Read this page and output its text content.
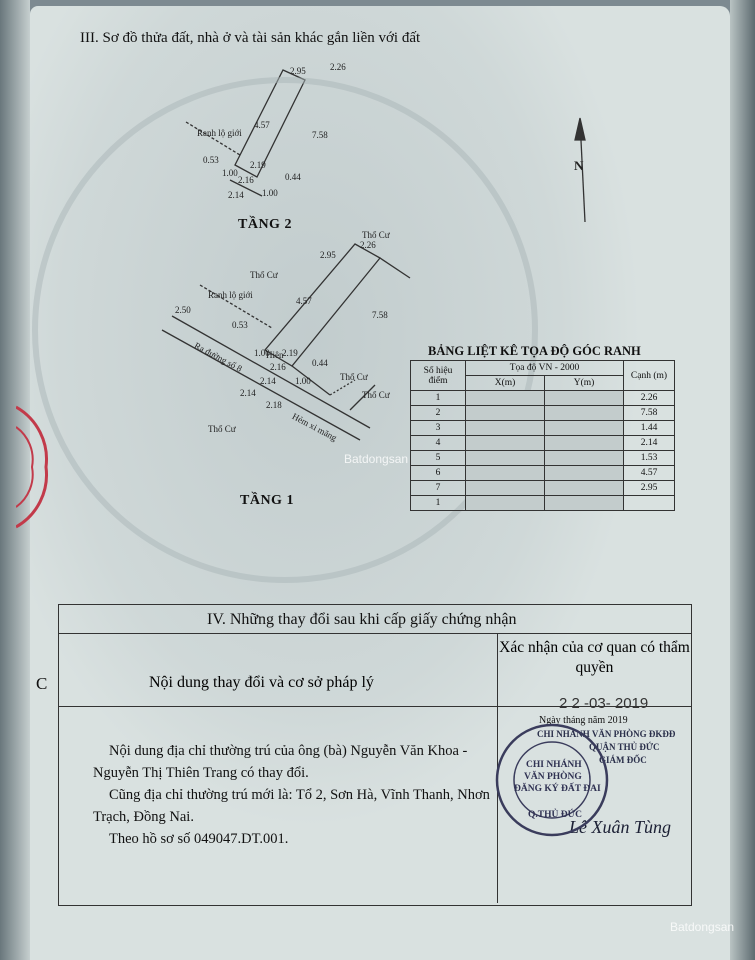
III. Sơ đồ thửa đất, nhà ở và tài sản khác gắn liền với đất
2.95	2.26
4.57
7.58
0.53	2.19
2.16
2.14
1.00
1.00
0.44
Ranh lộ giới
TẦNG 2
2.95
2.26
4.57
7.58
2.50
0.53
2.19
2.16
2.14
2.14
2.18
1.00
1.00
0.44
Ranh lộ giới
Thổ Cư
Thổ Cư
Thổ Cư
Thổ Cư
Thổ Cư
Ra đường số 8
Hẻm xi măng
Hiên
TẦNG 1
N
BẢNG LIỆT KÊ TỌA ĐỘ GÓC RANH
Số hiệu điểm	Tọa độ VN - 2000		Cạnh (m)
	X(m)	Y(m)	
1			2.26
2			7.58
3			1.44
4			2.14
5			1.53
6			4.57
7			2.95
1			
IV. Những thay đổi sau khi cấp giấy chứng nhận
Nội dung thay đổi và cơ sở pháp lý
Xác nhận của cơ quan có thẩm quyền
Nội dung địa chỉ thường trú của ông (bà) Nguyễn Văn Khoa -
Nguyễn Thị Thiên Trang có thay đổi.
Cũng địa chỉ thường trú mới là: Tổ 2, Sơn Hà, Vĩnh Thanh, Nhơn
Trạch, Đồng Nai.
Theo hồ sơ số 049047.DT.001.
2 2 -03- 2019
Ngày tháng năm 2019
CHI NHÁNH VĂN PHÒNG ĐKĐĐ
QUẬN THỦ ĐỨC
GIÁM ĐỐC
Lê Xuân Tùng
CHI NHÁNH
VĂN PHÒNG
ĐĂNG KÝ ĐẤT ĐAI
Q.THỦ ĐỨC
C
Batdongsan
Batdongsan
